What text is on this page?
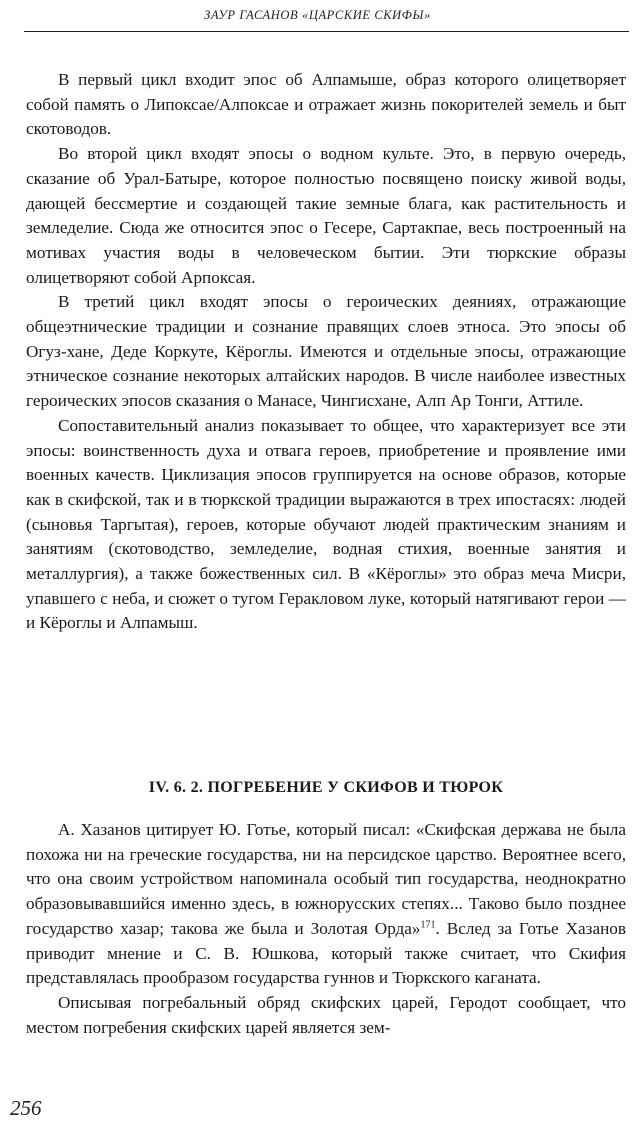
ЗАУР ГАСАНОВ «ЦАРСКИЕ СКИФЫ»

В первый цикл входит эпос об Алпамыше, образ которого олицетворяет собой память о Липоксае/Алпоксае и отражает жизнь покорителей земель и быт скотоводов.

Во второй цикл входят эпосы о водном культе. Это, в первую очередь, сказание об Урал-Батыре, которое полностью посвящено поиску живой воды, дающей бессмертие и создающей такие земные блага, как растительность и земледелие. Сюда же относится эпос о Гесере, Сартакпае, весь построенный на мотивах участия воды в человеческом бытии. Эти тюркские образы олицетворяют собой Арпоксая.

В третий цикл входят эпосы о героических деяниях, отражающие общеэтнические традиции и сознание правящих слоев этноса. Это эпосы об Огуз-хане, Деде Коркуте, Кёроглы. Имеются и отдельные эпосы, отражающие этническое сознание некоторых алтайских народов. В числе наиболее известных героических эпосов сказания о Манасе, Чингисхане, Алп Ар Тонги, Аттиле.

Сопоставительный анализ показывает то общее, что характеризует все эти эпосы: воинственность духа и отвага героев, приобретение и проявление ими военных качеств. Циклизация эпосов группируется на основе образов, которые как в скифской, так и в тюркской традиции выражаются в трех ипостасях: людей (сыновья Таргытая), героев, которые обучают людей практическим знаниям и занятиям (скотоводство, земледелие, водная стихия, военные занятия и металлургия), а также божественных сил. В «Кёроглы» это образ меча Мисри, упавшего с неба, и сюжет о тугом Геракловом луке, который натягивают герои — и Кёроглы и Алпамыш.

IV. 6. 2. ПОГРЕБЕНИЕ У СКИФОВ И ТЮРОК

А. Хазанов цитирует Ю. Готье, который писал: «Скифская держава не была похожа ни на греческие государства, ни на персидское царство. Вероятнее всего, что она своим устройством напоминала особый тип государства, неоднократно образовывавшийся именно здесь, в южнорусских степях... Таково было позднее государство хазар; такова же была и Золотая Орда»$^{171}$. Вслед за Готье Хазанов приводит мнение и С. В. Юшкова, который также считает, что Скифия представлялась прообразом государства гуннов и Тюркского каганата.

Описывая погребальный обряд скифских царей, Геродот сообщает, что местом погребения скифских царей является зем-

256
